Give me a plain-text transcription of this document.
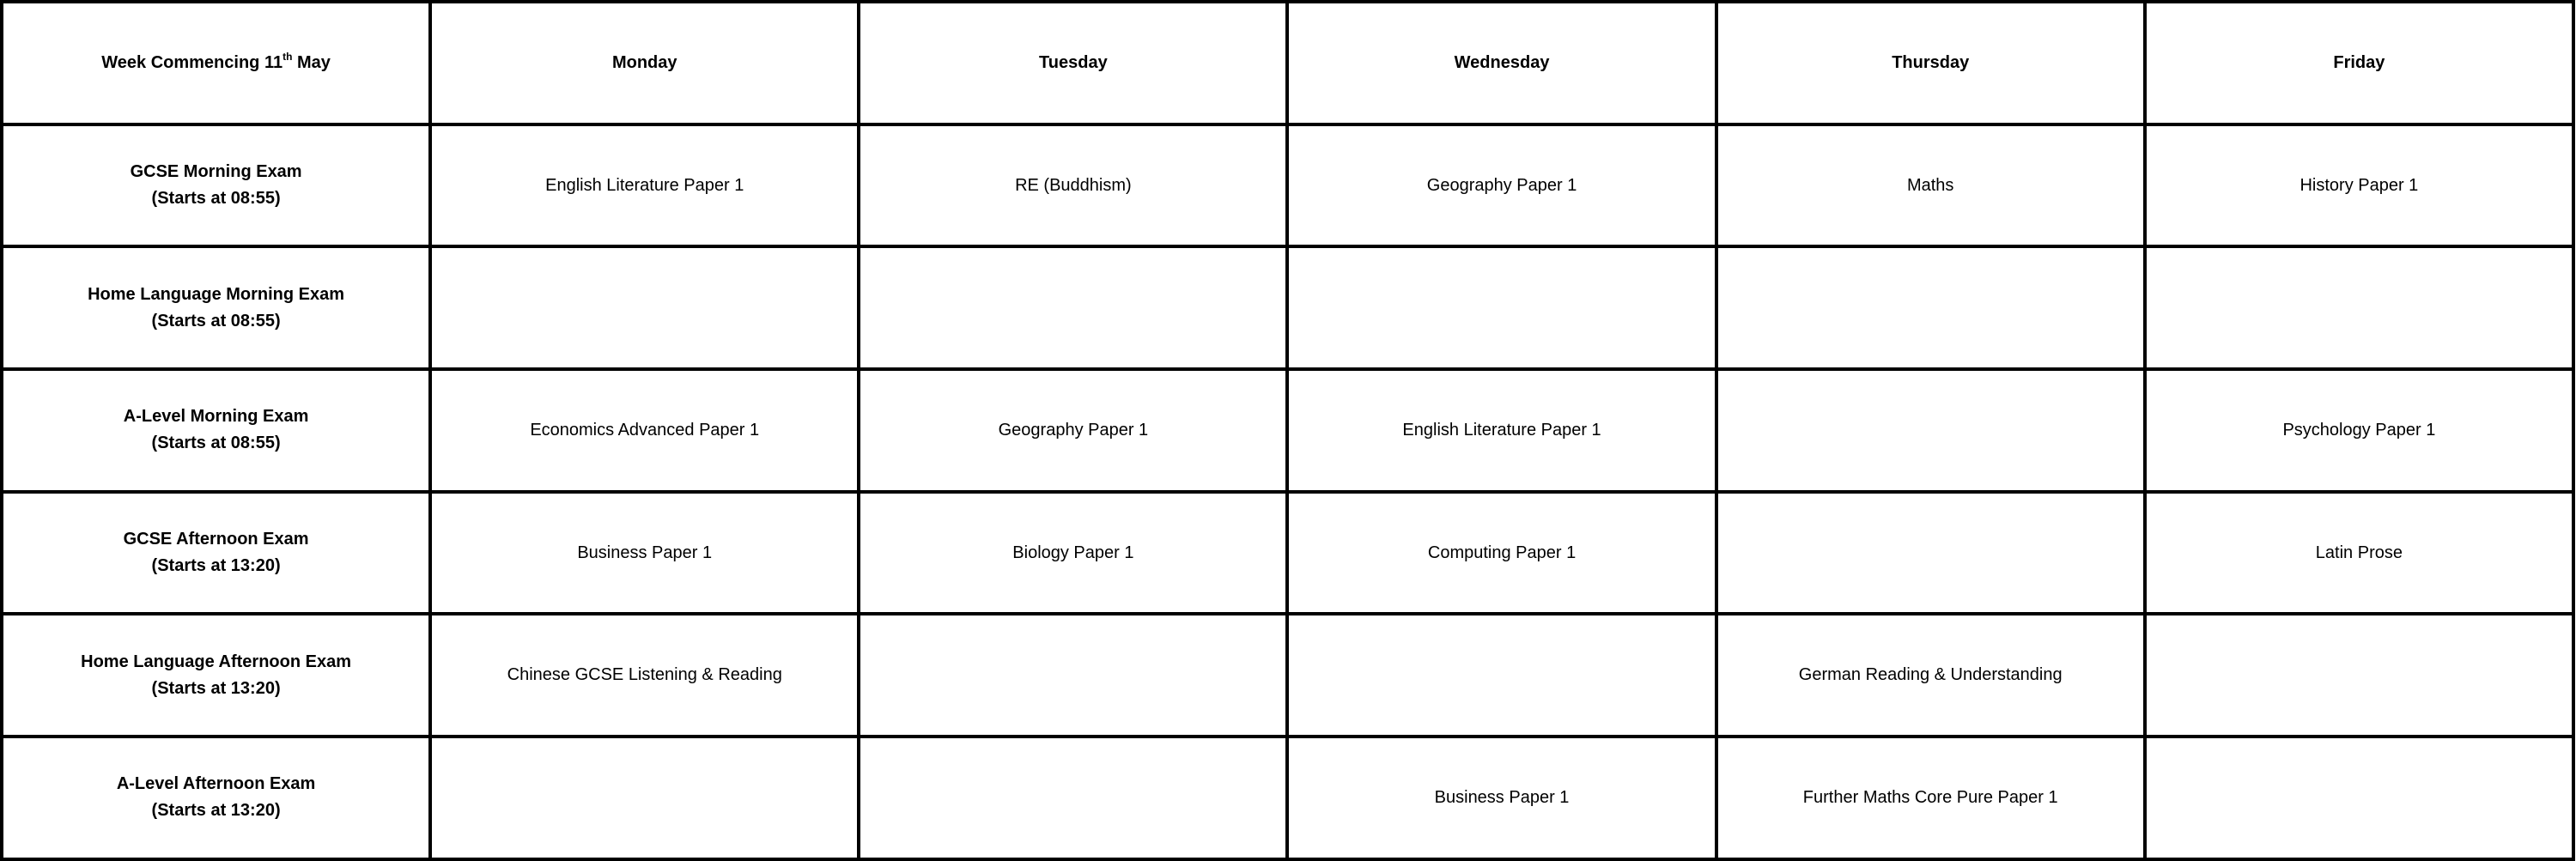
Week Commencing 11th May	Monday	Tuesday	Wednesday	Thursday	Friday

GCSE Morning Exam
(Starts at 08:55)	English Literature Paper 1	RE (Buddhism)	Geography Paper 1	Maths	History Paper 1

Home Language Morning Exam
(Starts at 08:55)					

A-Level Morning Exam
(Starts at 08:55)	Economics Advanced Paper 1	Geography Paper 1	English Literature Paper 1		Psychology Paper 1

GCSE Afternoon Exam
(Starts at 13:20)	Business Paper 1	Biology Paper 1	Computing Paper 1		Latin Prose

Home Language Afternoon Exam
(Starts at 13:20)	Chinese GCSE Listening & Reading			German Reading & Understanding	

A-Level Afternoon Exam
(Starts at 13:20)			Business Paper 1	Further Maths Core Pure Paper 1	
